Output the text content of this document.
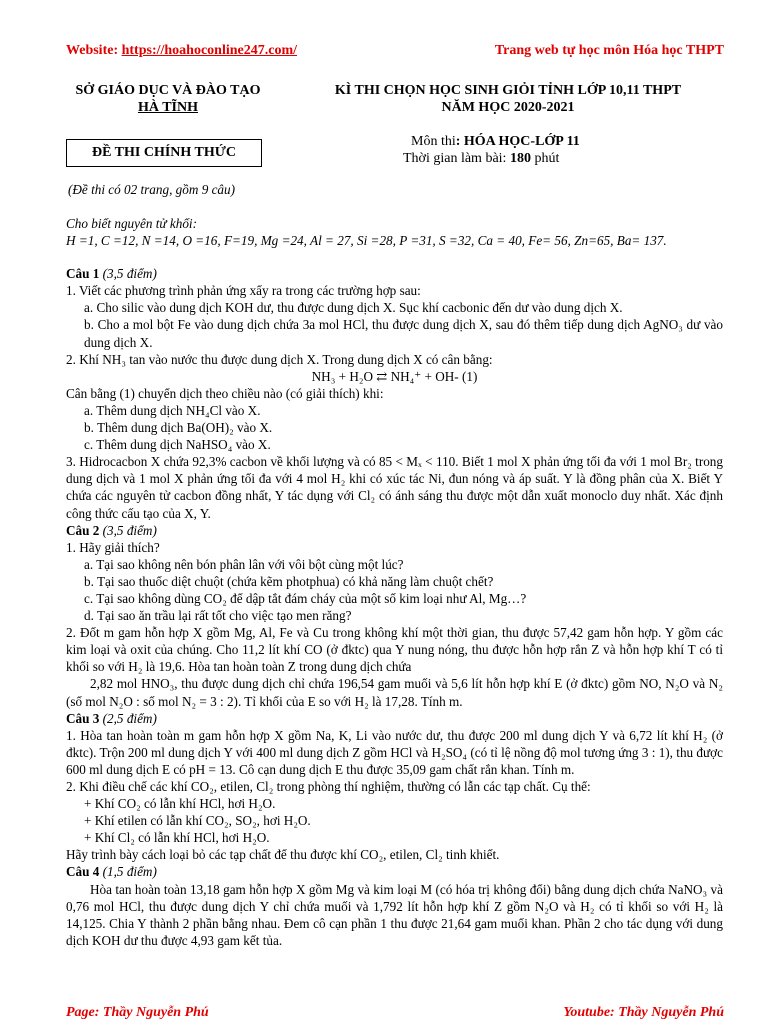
Website: https://hoahoconline247.com/	Trang web tự học môn Hóa học THPT
SỞ GIÁO DỤC VÀ ĐÀO TẠO
HÀ TĨNH
KÌ THI CHỌN HỌC SINH GIỎI TỈNH LỚP 10,11 THPT
NĂM HỌC 2020-2021
ĐỀ THI CHÍNH THỨC
Môn thi: HÓA HỌC-LỚP 11
Thời gian làm bài: 180 phút
(Đề thi có 02 trang, gồm 9 câu)

Cho biết nguyên tử khối:

H =1, C =12, N =14, O =16, F=19, Mg =24, Al = 27, Si =28, P =31, S =32, Ca = 40, Fe= 56, Zn=65, Ba= 137.

Câu 1 (3,5 điểm)

1. Viết các phương trình phản ứng xẩy ra trong các trường hợp sau:

a. Cho silic vào dung dịch KOH dư, thu được dung dịch X. Sục khí cacbonic đến dư vào dung dịch X.

b. Cho a mol bột Fe vào dung dịch chứa 3a mol HCl, thu được dung dịch X, sau đó thêm tiếp dung dịch AgNO₃ dư vào dung dịch X.

2. Khí NH₃ tan vào nước thu được dung dịch X. Trong dung dịch X có cân bằng:

NH₃ + H₂O ⇄ NH₄⁺ + OH- (1)

Cân bằng (1) chuyển dịch theo chiều nào (có giải thích) khi:

a. Thêm dung dịch NH₄Cl vào X.

b. Thêm dung dịch Ba(OH)₂ vào X.

c. Thêm dung dịch NaHSO₄ vào X.

3. Hidrocacbon X chứa 92,3% cacbon về khối lượng và có 85 < Mₓ < 110. Biết 1 mol X phản ứng tối đa với 1 mol Br₂ trong dung dịch và 1 mol X phản ứng tối đa với 4 mol H₂ khi có xúc tác Ni, đun nóng và áp suất. Y là đồng phân của X. Biết Y chứa các nguyên tử cacbon đồng nhất, Y tác dụng với Cl₂ có ánh sáng thu được một dẫn xuất monoclo duy nhất. Xác định công thức cấu tạo của X, Y.

Câu 2 (3,5 điểm)

1. Hãy giải thích?

a. Tại sao không nên bón phân lân với vôi bột cùng một lúc?

b. Tại sao thuốc diệt chuột (chứa kẽm photphua) có khả năng làm chuột chết?

c. Tại sao không dùng CO₂ để dập tắt đám cháy của một số kim loại như Al, Mg…?

d. Tại sao ăn trầu lại rất tốt cho việc tạo men răng?

2. Đốt m gam hỗn hợp X gồm Mg, Al, Fe và Cu trong không khí một thời gian, thu được 57,42 gam hỗn hợp. Y gồm các kim loại và oxit của chúng. Cho 11,2 lít khí CO (ở đktc) qua Y nung nóng, thu được hỗn hợp rắn Z và hỗn hợp khí T có tỉ khối so với H₂ là 19,6. Hòa tan hoàn toàn Z trong dung dịch chứa

2,82 mol HNO₃, thu được dung dịch chỉ chứa 196,54 gam muối và 5,6 lít hỗn hợp khí E (ở đktc) gồm NO, N₂O và N₂ (số mol N₂O : số mol N₂ = 3 : 2). Tỉ khối của E so với H₂ là 17,28. Tính m.

Câu 3 (2,5 điểm)

1. Hòa tan hoàn toàn m gam hỗn hợp X gồm Na, K, Li vào nước dư, thu được 200 ml dung dịch Y và 6,72 lít khí H₂ (ở đktc). Trộn 200 ml dung dịch Y với 400 ml dung dịch Z gồm HCl và H₂SO₄ (có tỉ lệ nồng độ mol tương ứng 3 : 1), thu được 600 ml dung dịch E có pH = 13. Cô cạn dung dịch E thu được 35,09 gam chất rắn khan. Tính m.

2. Khi điều chế các khí CO₂, etilen, Cl₂ trong phòng thí nghiệm, thường có lẫn các tạp chất. Cụ thể:

+ Khí CO₂ có lẫn khí HCl, hơi H₂O.

+ Khí etilen có lẫn khí CO₂, SO₂, hơi H₂O.

+ Khí Cl₂ có lẫn khí HCl, hơi H₂O.

Hãy trình bày cách loại bỏ các tạp chất để thu được khí CO₂, etilen, Cl₂ tinh khiết.

Câu 4 (1,5 điểm)

Hòa tan hoàn toàn 13,18 gam hỗn hợp X gồm Mg và kim loại M (có hóa trị không đổi) bằng dung dịch chứa NaNO₃ và 0,76 mol HCl, thu được dung dịch Y chỉ chứa muối và 1,792 lít hỗn hợp khí Z gồm N₂O và H₂ có tỉ khối so với H₂ là 14,125. Chia Y thành 2 phần bằng nhau. Đem cô cạn phần 1 thu được 21,64 gam muối khan. Phần 2 cho tác dụng với dung dịch KOH dư thu được 4,93 gam kết tủa.

Page: Thầy Nguyễn Phú	Youtube: Thầy Nguyễn Phú
